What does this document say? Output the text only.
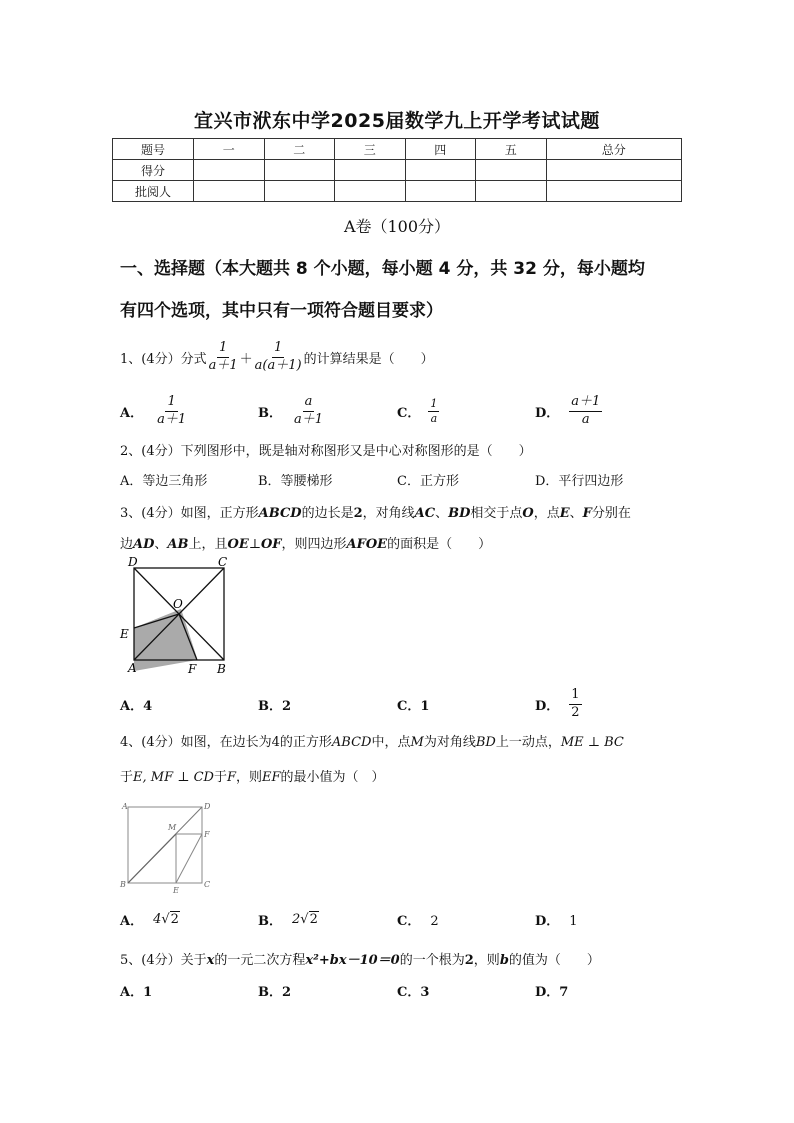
宜兴市洑东中学2025届数学九上开学考试试题
题号	一	二	三	四	五	总分
得分						
批阅人						
A卷（100分）
一、选择题（本大题共 8 个小题，每小题 4 分，共 32 分，每小题均
有四个选项，其中只有一项符合题目要求）
1、(4分）分式 $\frac{1}{a+1} + \frac{1}{a(a+1)}$ 的计算结果是（　　）
A． $\frac{1}{a+1}$	B． $\frac{a}{a+1}$	C． $\frac{1}{a}$	D． $\frac{a+1}{a}$
2、(4分）下列图形中，既是轴对称图形又是中心对称图形的是（　　）
A．等边三角形	B．等腰梯形	C．正方形	D．平行四边形
3、(4分）如图，正方形ABCD的边长是2，对角线AC、BD相交于点O，点E、F分别在
边AD、AB上，且OE⊥OF，则四边形AFOE的面积是（　　）
D	C
O
E
A	F B
A．4	B．2	C．1	D． $\frac{1}{2}$
4、(4分）如图，在边长为4的正方形ABCD中，点M为对角线BD上一动点，ME ⊥ BC
于E, MF ⊥ CD于F，则EF的最小值为（　）
A	D
M
F
B
E
C
A． 4 √2	B． 2 √2	C． 2	D． 1
5、(4分）关于x的一元二次方程x²+bx－10＝0的一个根为2，则b的值为（　　）
A．1	B．2	C．3	D．7
